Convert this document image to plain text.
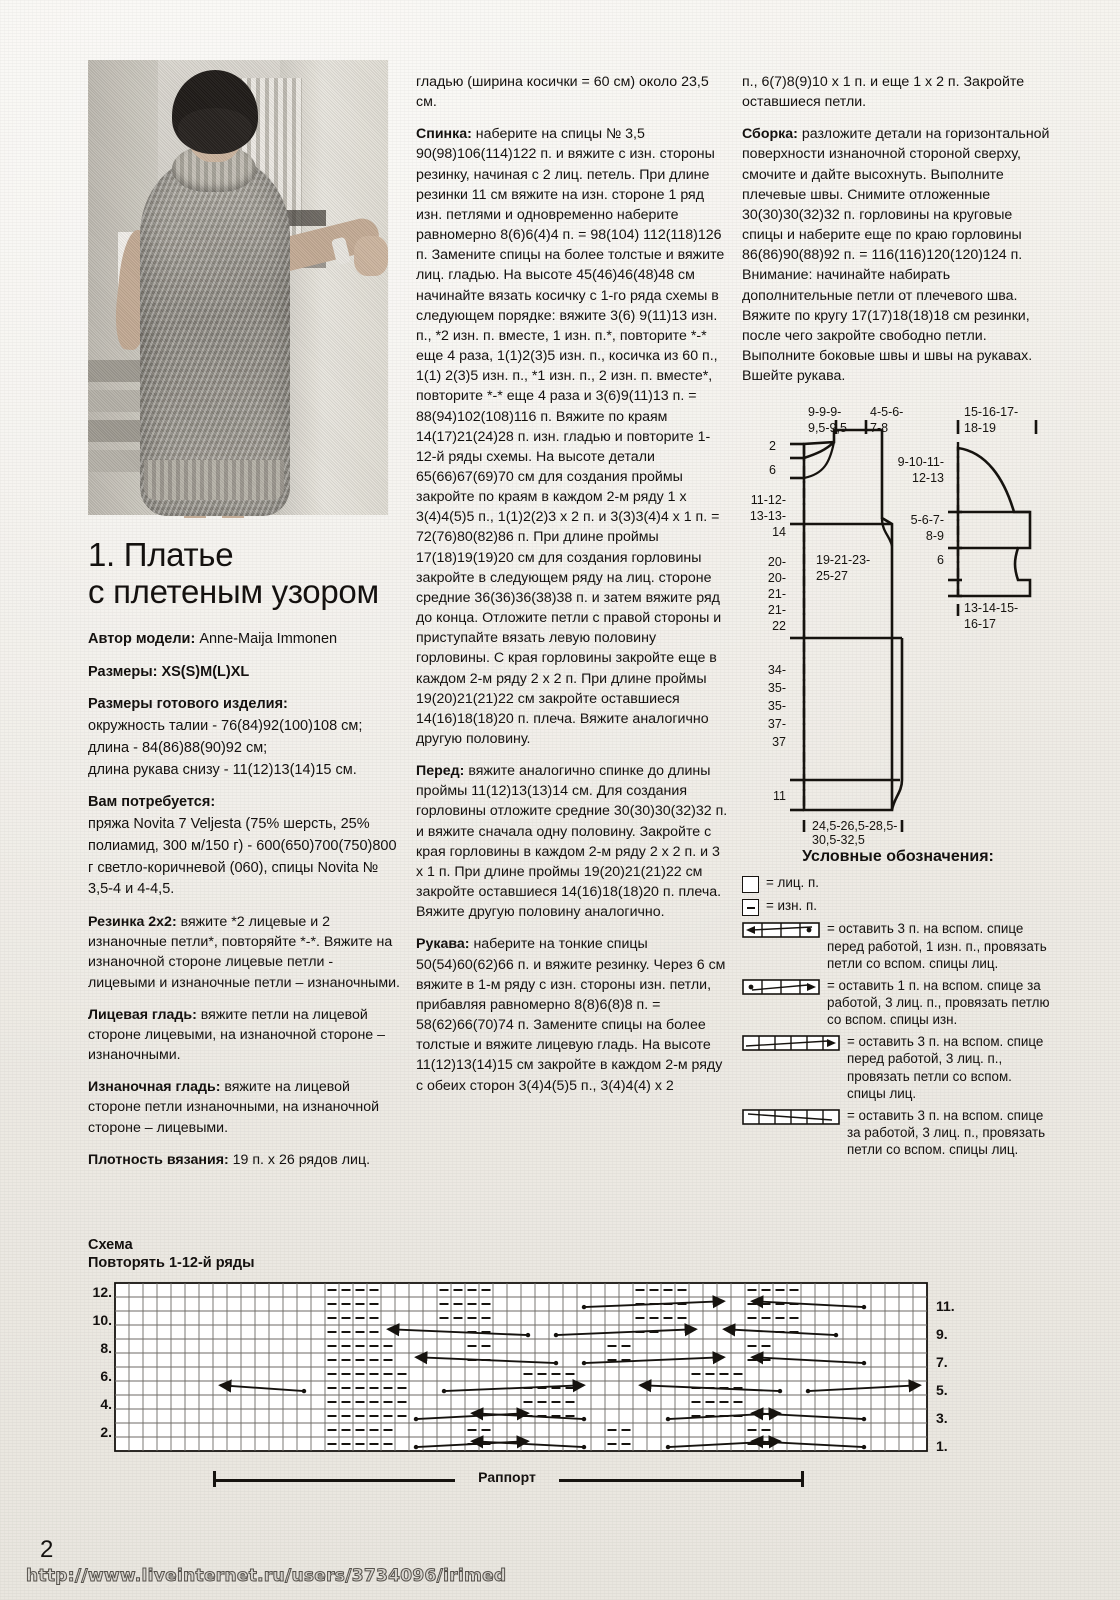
1. Платье
с плетеным узором

Автор модели: Anne-Maija Immonen

Размеры: XS(S)M(L)XL

Размеры готового изделия:
окружность талии - 76(84)92(100)108 см;
длина - 84(86)88(90)92 см;
длина рукава снизу - 11(12)13(14)15 см.

Вам потребуется:
пряжа Novita 7 Veljesta (75% шерсть, 25% полиамид, 300 м/150 г) - 600(650)700(750)800 г светло-коричневой (060), спицы Novita № 3,5-4 и 4-4,5.

Резинка 2х2: вяжите *2 лицевые и 2 изнаночные петли*, повторяйте *-*. Вяжите на изнаночной стороне лицевые петли - лицевыми и изнаночные петли – изнаночными.

Лицевая гладь: вяжите петли на лицевой стороне лицевыми, на изнаночной стороне – изнаночными.

Изнаночная гладь: вяжите на лицевой стороне петли изнаночными, на изнаночной стороне – лицевыми.

Плотность вязания: 19 п. х 26 рядов лиц.

гладью (ширина косички = 60 см) около 23,5 см.

Спинка: наберите на спицы № 3,5 90(98)106(114)122 п. и вяжите с изн. стороны резинку, начиная с 2 лиц. петель. При длине резинки 11 см вяжите на изн. стороне 1 ряд изн. петлями и одновременно наберите равномерно 8(6)6(4)4 п. = 98(104) 112(118)126 п. Замените спицы на более толстые и вяжите лиц. гладью. На высоте 45(46)46(48)48 см начинайте вязать косичку с 1-го ряда схемы в следующем порядке: вяжите 3(6) 9(11)13 изн. п., *2 изн. п. вместе, 1 изн. п.*, повторите *-* еще 4 раза, 1(1)2(3)5 изн. п., косичка из 60 п., 1(1) 2(3)5 изн. п., *1 изн. п., 2 изн. п. вместе*, повторите *-* еще 4 раза и 3(6)9(11)13 п. = 88(94)102(108)116 п. Вяжите по краям 14(17)21(24)28 п. изн. гладью и повторите 1-12-й ряды схемы. На высоте детали 65(66)67(69)70 см для создания проймы закройте по краям в каждом 2-м ряду 1 х 3(4)4(5)5 п., 1(1)2(2)3 х 2 п. и 3(3)3(4)4 х 1 п. = 72(76)80(82)86 п. При длине проймы 17(18)19(19)20 см для создания горловины закройте в следующем ряду на лиц. стороне средние 36(36)36(38)38 п. и затем вяжите ряд до конца. Отложите петли с правой стороны и приступайте вязать левую половину горловины. С края горловины закройте еще в каждом 2-м ряду 2 х 2 п. При длине проймы 19(20)21(21)22 см закройте оставшиеся 14(16)18(18)20 п. плеча. Вяжите аналогично другую половину.

Перед: вяжите аналогично спинке до длины проймы 11(12)13(13)14 см. Для создания горловины отложите средние 30(30)30(32)32 п. и вяжите сначала одну половину. Закройте с края горловины в каждом 2-м ряду 2 х 2 п. и 3 х 1 п. При длине проймы 19(20)21(21)22 см закройте оставшиеся 14(16)18(18)20 п. плеча. Вяжите другую половину аналогично.

Рукава: наберите на тонкие спицы 50(54)60(62)66 п. и вяжите резинку. Через 6 см вяжите в 1-м ряду с изн. стороны изн. петли, прибавляя равномерно 8(8)6(8)8 п. = 58(62)66(70)74 п. Замените спицы на более толстые и вяжите лицевую гладь. На высоте 11(12)13(14)15 см закройте в каждом 2-м ряду с обеих сторон 3(4)4(5)5 п., 3(4)4(4) х 2

п., 6(7)8(9)10 х 1 п. и еще 1 х 2 п. Закройте оставшиеся петли.

Сборка: разложите детали на горизонтальной поверхности изнаночной стороной сверху, смочите и дайте высохнуть. Выполните плечевые швы. Снимите отложенные 30(30)30(32)32 п. горловины на круговые спицы и наберите еще по краю горловины 86(86)90(88)92 п. = 116(116)120(120)124 п. Внимание: начинайте набирать дополнительные петли от плечевого шва. Вяжите по кругу 17(17)18(18)18 см резинки, после чего закройте свободно петли. Выполните боковые швы и швы на рукавах. Вшейте рукава.

9-9-9-
9,5-9,5
4-5-6-
7-8
15-16-17-
18-19
2
6
11-12-
13-13-
14
20-
20-
21-
21-
22
19-21-23-
25-27
34-
35-
35-
37-
37
11
24,5-26,5-28,5-
30,5-32,5
9-10-11-
12-13
5-6-7-
8-9
6
13-14-15-
16-17
Условные обозначения:
= лиц. п.
= изн. п.
= оставить 3 п. на вспом. спице перед работой, 1 изн. п., провязать петли со вспом. спицы лиц.
= оставить 1 п. на вспом. спице за работой, 3 лиц. п., провязать петлю со вспом. спицы изн.
= оставить 3 п. на вспом. спице перед работой, 3 лиц. п., провязать петли со вспом. спицы лиц.
= оставить 3 п. на вспом. спице за работой, 3 лиц. п., провязать петли со вспом. спицы лиц.
Схема
Повторять 1-12-й ряды
12.
10.
8.
6.
4.
2.
11.
9.
7.
5.
3.
1.
Раппорт
2
http://www.liveinternet.ru/users/3734096/irimed
